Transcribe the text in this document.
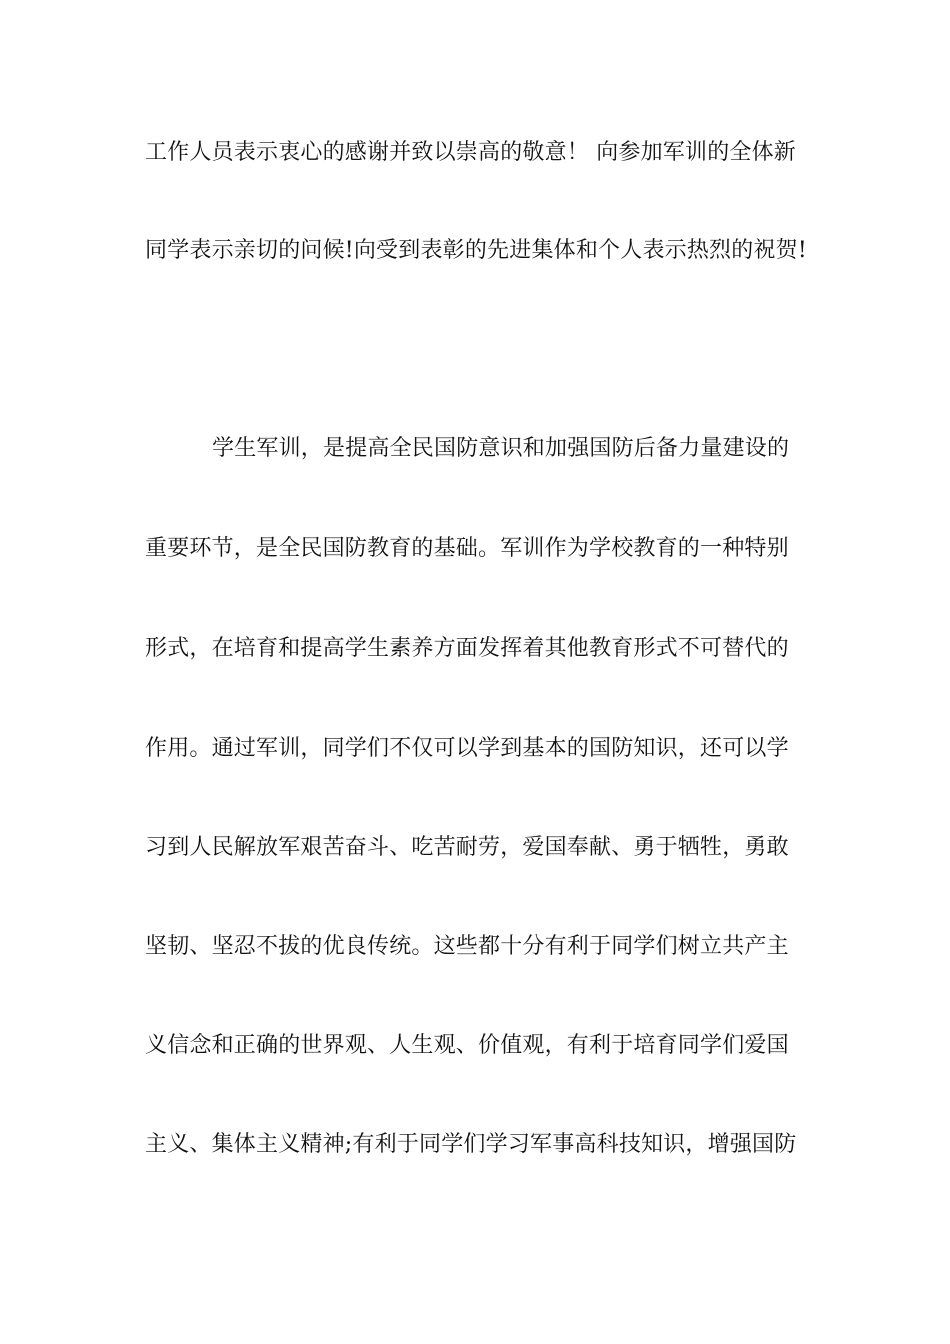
工作人员表示衷心的感谢并致以崇高的敬意！ 向参加军训的全体新
同学表示亲切的问候!向受到表彰的先进集体和个人表示热烈的祝贺!
学生军训，是提高全民国防意识和加强国防后备力量建设的
重要环节，是全民国防教育的基础。军训作为学校教育的一种特别
形式，在培育和提高学生素养方面发挥着其他教育形式不可替代的
作用。通过军训，同学们不仅可以学到基本的国防知识，还可以学
习到人民解放军艰苦奋斗、吃苦耐劳，爱国奉献、勇于牺牲，勇敢
坚韧、坚忍不拔的优良传统。这些都十分有利于同学们树立共产主
义信念和正确的世界观、人生观、价值观，有利于培育同学们爱国
主义、集体主义精神;有利于同学们学习军事高科技知识，增强国防
